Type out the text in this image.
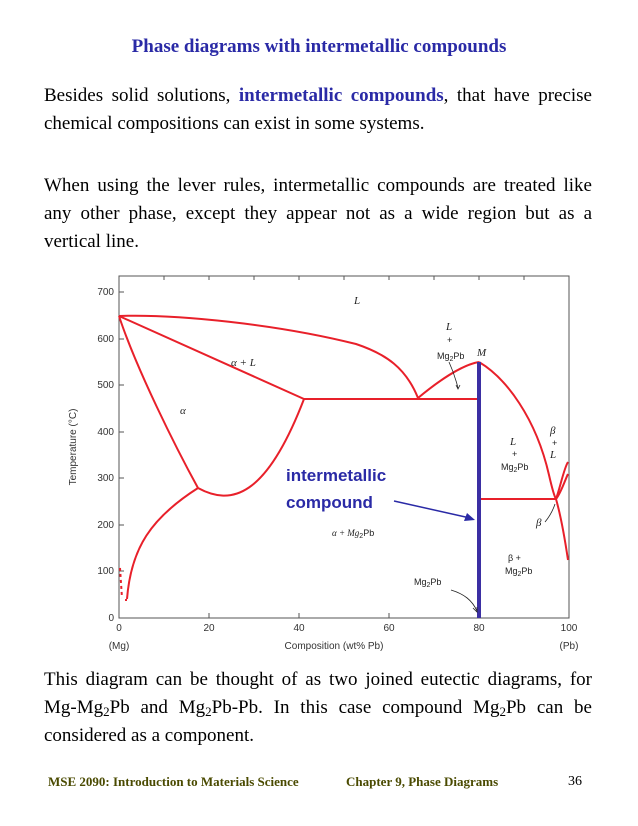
Phase diagrams with intermetallic compounds
Besides solid solutions, intermetallic compounds, that have precise chemical compositions can exist in some systems.
When using the lever rules, intermetallic compounds are treated like any other phase, except they appear not as a wide region but as a vertical line.
0
100
200
300
400
500
600
700
0	20	40	60	80	100
(Mg)	(Pb)
Composition (wt% Pb)
Temperature (°C)
L
α + L
α
L
M
L
β
L
β
+
$Mg_2Pb$
+
$Mg_2Pb$
+
β +
$Mg_2Pb$
$\alpha + Mg_2Pb$
$Mg_2Pb$
intermetallic
compound
This diagram can be thought of as two joined eutectic diagrams, for $Mg-Mg_2Pb$ and $Mg_2Pb-Pb$. In this case compound $Mg_2Pb$ can be considered as a component.
MSE 2090: Introduction to Materials Science	Chapter 9, Phase Diagrams	36
